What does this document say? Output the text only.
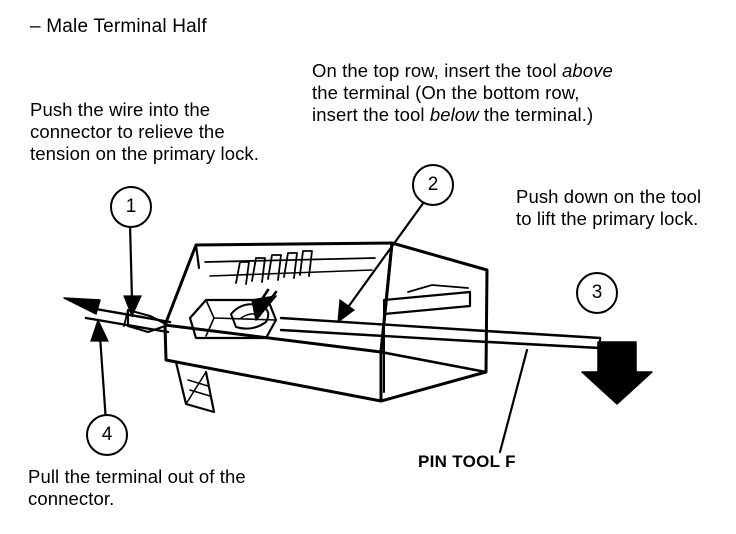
– Male Terminal Half
Push the wire into the connector to relieve the tension on the primary lock.
On the top row, insert the tool above the terminal (On the bottom row, insert the tool below the terminal.)
Push down on the tool to lift the primary lock.
Pull the terminal out of the connector.
PIN TOOL F
1
2
3
4
